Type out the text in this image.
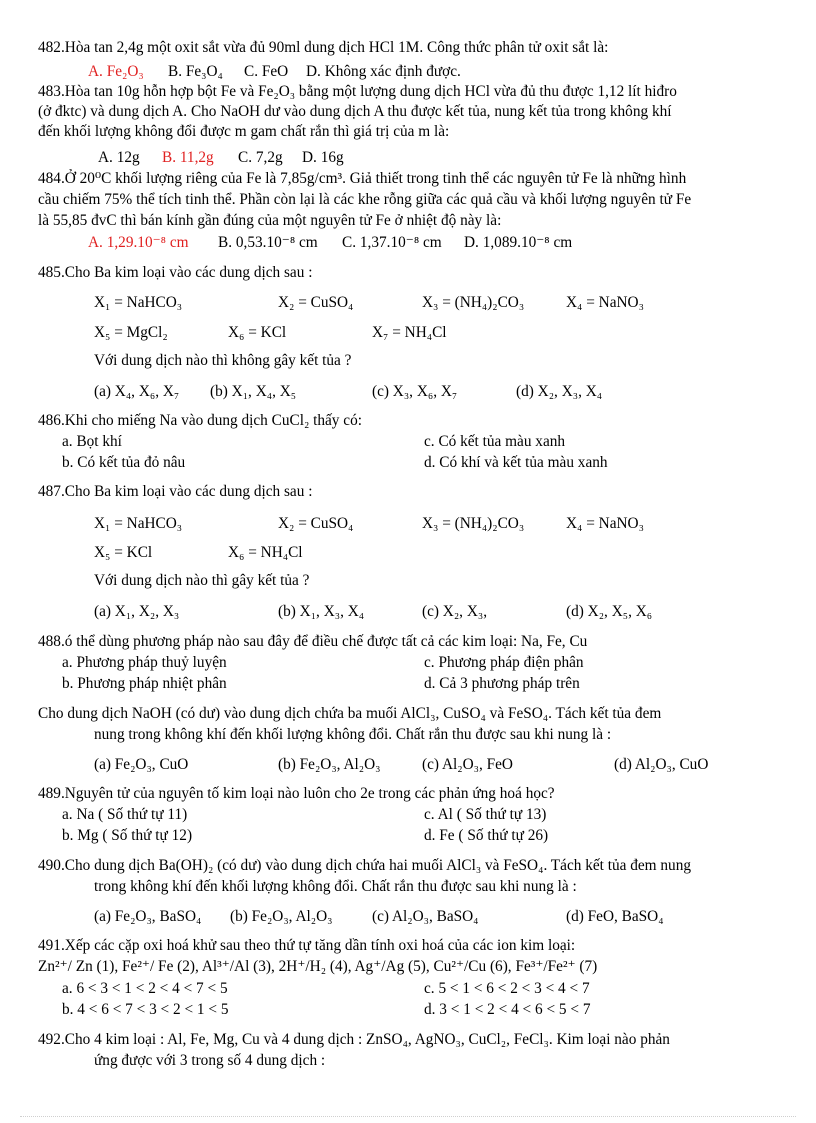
482.Hòa tan 2,4g một oxit sắt vừa đủ 90ml dung dịch HCl 1M. Công thức phân tử oxit sắt là:
A. Fe₂O₃ B. Fe₃O₄ C. FeO D. Không xác định được.
483.Hòa tan 10g hỗn hợp bột Fe và Fe₂O₃ bằng một lượng dung dịch HCl vừa đủ thu được 1,12 lít hiđro
(ở đktc) và dung dịch A. Cho NaOH dư vào dung dịch A thu được kết tủa, nung kết tủa trong không khí
đến khối lượng không đổi được m gam chất rắn thì giá trị của m là:
A. 12g B. 11,2g C. 7,2g D. 16g
484.Ở 20⁰C khối lượng riêng của Fe là 7,85g/cm³. Giả thiết trong tinh thể các nguyên tử Fe là những hình
cầu chiếm 75% thể tích tinh thể. Phần còn lại là các khe rỗng giữa các quả cầu và khối lượng nguyên tử Fe
là 55,85 đvC thì bán kính gần đúng của một nguyên tử Fe ở nhiệt độ này là:
A. 1,29.10⁻⁸ cm B. 0,53.10⁻⁸ cm C. 1,37.10⁻⁸ cm D. 1,089.10⁻⁸ cm
485.Cho Ba kim loại vào các dung dịch sau :
X₁ = NaHCO₃	X₂ = CuSO₄	X₃ = (NH₄)₂CO₃	X₄ = NaNO₃
X₅ = MgCl₂	X₆ = KCl	X₇ = NH₄Cl
Với dung dịch nào thì không gây kết tủa ?
(a) X₄, X₆, X₇ (b) X₁, X₄, X₅	(c) X₃, X₆, X₇	(d) X₂, X₃, X₄
486.Khi cho miếng Na vào dung dịch CuCl₂ thấy có:
a. Bọt khí	c. Có kết tủa màu xanh
b. Có kết tủa đỏ nâu	d. Có khí và kết tủa màu xanh
487.Cho Ba kim loại vào các dung dịch sau :
X₁ = NaHCO₃	X₂ = CuSO₄	X₃ = (NH₄)₂CO₃	X₄ = NaNO₃
X₅ = KCl	X₆ = NH₄Cl
Với dung dịch nào thì gây kết tủa ?
(a) X₁, X₂, X₃	(b) X₁, X₃, X₄	(c) X₂, X₃,	(d) X₂, X₅, X₆
488.ó thể dùng phương pháp nào sau đây để điều chế được tất cả các kim loại: Na, Fe, Cu
a. Phương pháp thuỷ luyện	c. Phương pháp điện phân
b. Phương pháp nhiệt phân	d. Cả 3 phương pháp trên
Cho dung dịch NaOH (có dư) vào dung dịch chứa ba muối AlCl₃, CuSO₄ và FeSO₄. Tách kết tủa đem
nung trong không khí đến khối lượng không đổi. Chất rắn thu được sau khi nung là :
(a) Fe₂O₃, CuO	(b) Fe₂O₃, Al₂O₃	(c) Al₂O₃, FeO	(d) Al₂O₃, CuO
489.Nguyên tử của nguyên tố kim loại nào luôn cho 2e trong các phản ứng hoá học?
a. Na ( Số thứ tự 11)	c. Al ( Số thứ tự 13)
b. Mg ( Số thứ tự 12)	d. Fe ( Số thứ tự 26)
490.Cho dung dịch Ba(OH)₂ (có dư) vào dung dịch chứa hai muối AlCl₃ và FeSO₄. Tách kết tủa đem nung
trong không khí đến khối lượng không đổi. Chất rắn thu được sau khi nung là :
(a) Fe₂O₃, BaSO₄ (b) Fe₂O₃, Al₂O₃	(c) Al₂O₃, BaSO₄	(d) FeO, BaSO₄
491.Xếp các cặp oxi hoá khử sau theo thứ tự tăng dần tính oxi hoá của các ion kim loại:
Zn²⁺/ Zn (1), Fe²⁺/ Fe (2), Al³⁺/Al (3), 2H⁺/H₂ (4), Ag⁺/Ag (5), Cu²⁺/Cu (6), Fe³⁺/Fe²⁺ (7)
a. 6 < 3 < 1 < 2 < 4 < 7 < 5	c. 5 < 1 < 6 < 2 < 3 < 4 < 7
b. 4 < 6 < 7 < 3 < 2 < 1 < 5	d. 3 < 1 < 2 < 4 < 6 < 5 < 7
492.Cho 4 kim loại : Al, Fe, Mg, Cu và 4 dung dịch : ZnSO₄, AgNO₃, CuCl₂, FeCl₃. Kim loại nào phản
ứng được với 3 trong số 4 dung dịch :
